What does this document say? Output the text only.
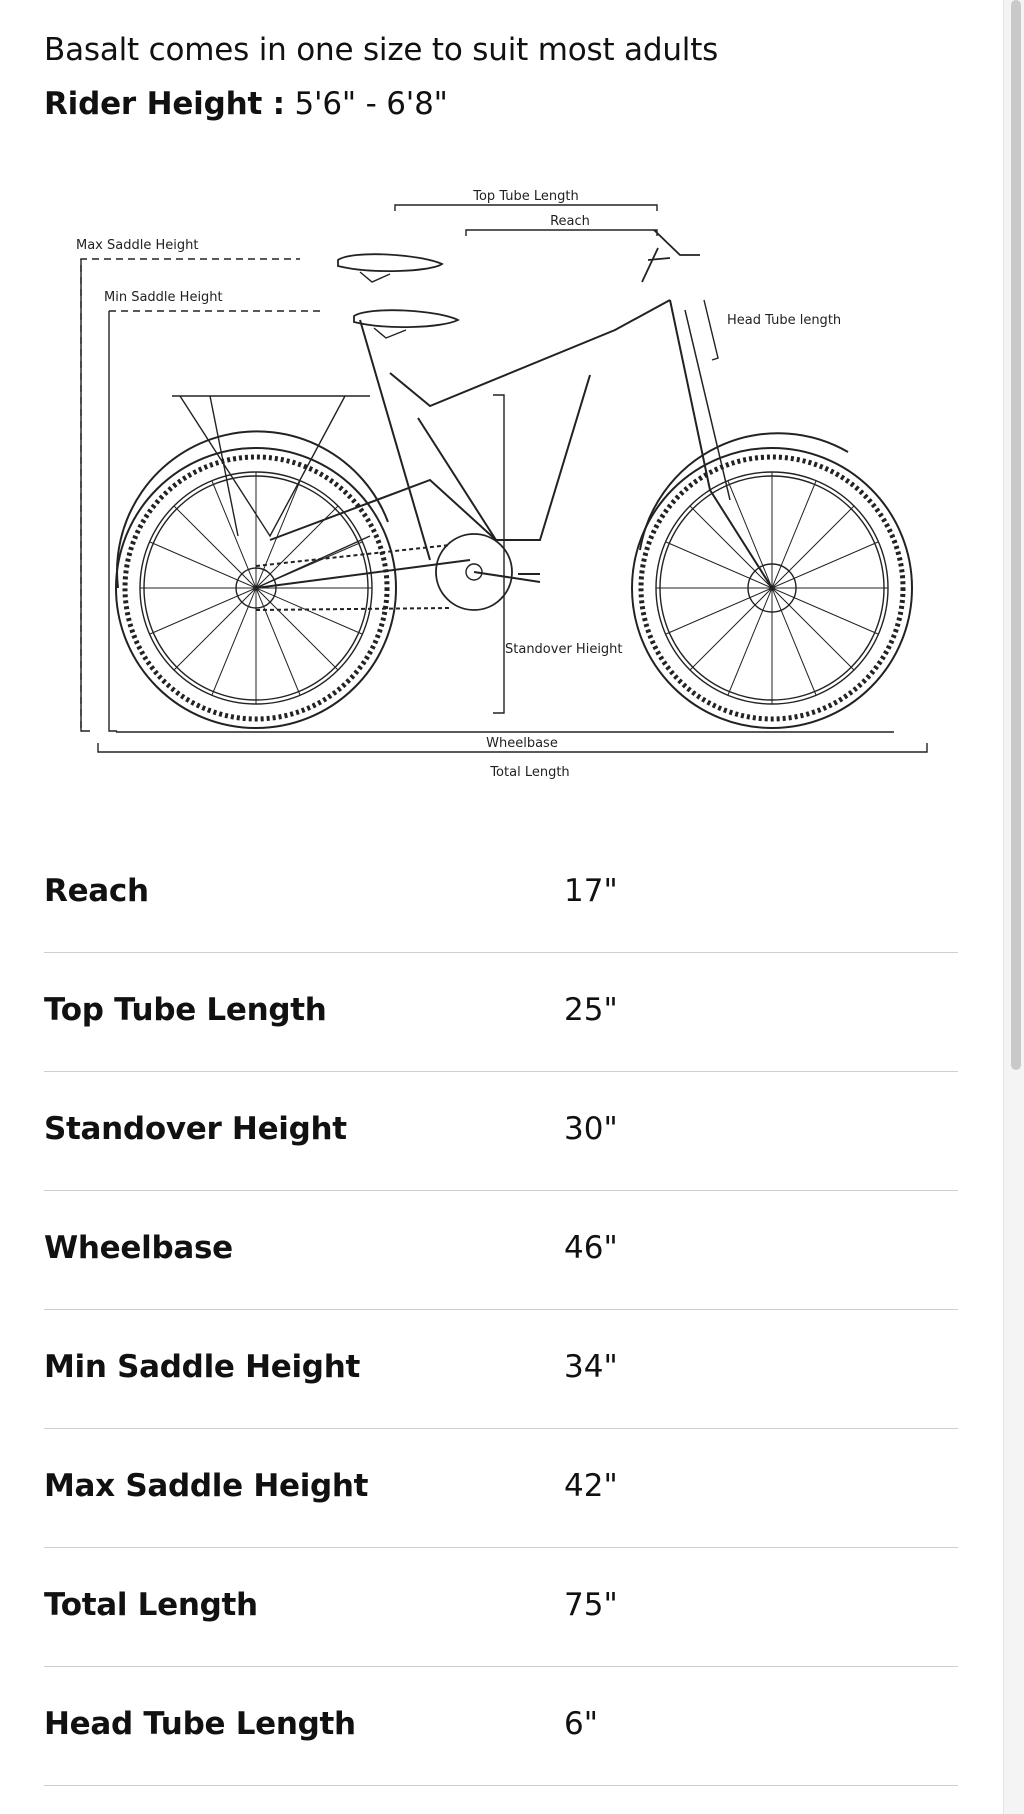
Basalt comes in one size to suit most adults
Rider Height : 5'6" - 6'8"
Top Tube Length
Reach
Max Saddle Height
Min Saddle Height
Head Tube length
Standover Hieight
Wheelbase
Total Length
Reach	17"
Top Tube Length	25"
Standover Height	30"
Wheelbase	46"
Min Saddle Height	34"
Max Saddle Height	42"
Total Length	75"
Head Tube Length	6"
